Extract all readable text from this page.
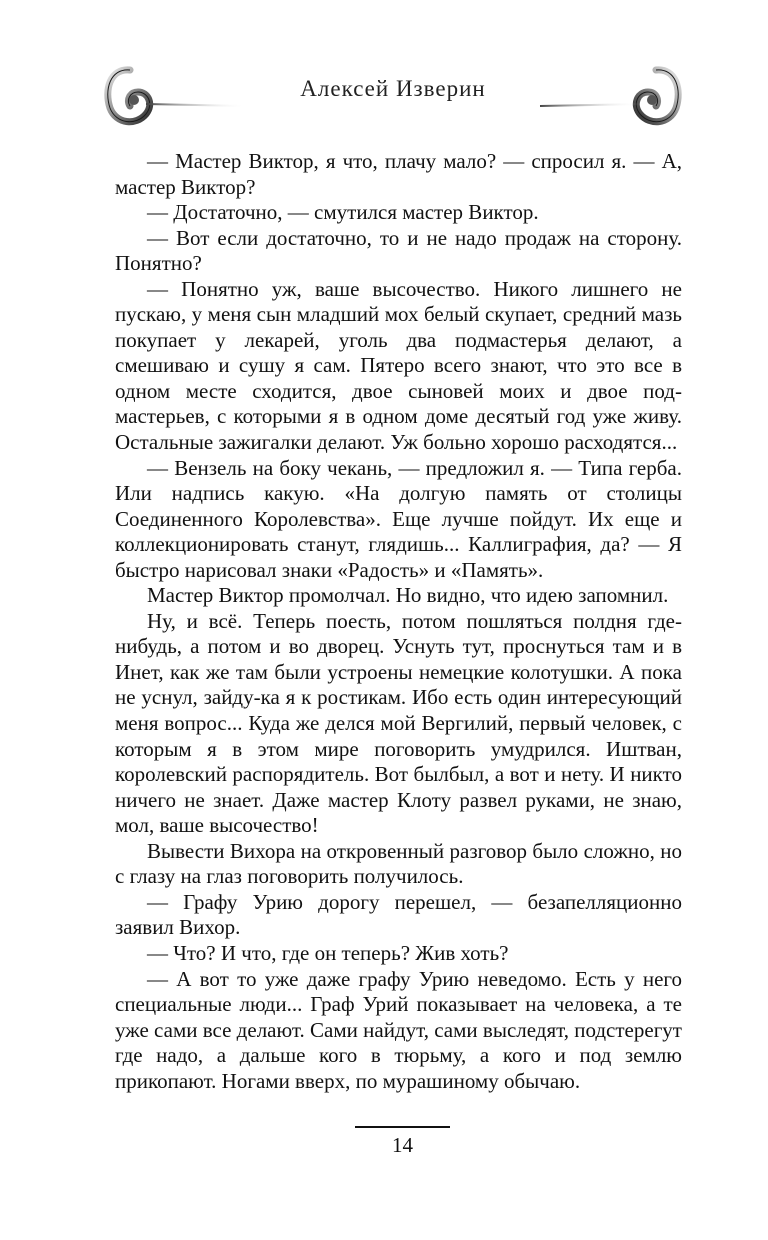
Алексей Изверин

— Мастер Виктор, я что, плачу мало? — спросил я. — А, мастер Виктор?

— Достаточно, — смутился мастер Виктор.

— Вот если достаточно, то и не надо продаж на сторону. Понятно?

— Понятно уж, ваше высочество. Никого лишнего не пускаю, у меня сын младший мох белый скупает, средний мазь покупает у лекарей, уголь два подмастерья делают, а смешиваю и сушу я сам. Пятеро всего знают, что это все в одном месте сходится, двое сыновей моих и двое подмастерьев, с которыми я в одном доме десятый год уже живу. Остальные зажигалки делают. Уж больно хорошо расходятся...

— Вензель на боку чекань, — предложил я. — Типа герба. Или надпись какую. «На долгую память от столицы Соединенного Королевства». Еще лучше пойдут. Их еще и коллекционировать станут, глядишь... Каллиграфия, да? — Я быстро нарисовал знаки «Радость» и «Память».

Мастер Виктор промолчал. Но видно, что идею запомнил.

Ну, и всё. Теперь поесть, потом пошляться полдня гденибудь, а потом и во дворец. Уснуть тут, проснуться там и в Инет, как же там были устроены немецкие колотушки. А пока не уснул, зайду-ка я к ростикам. Ибо есть один интересующий меня вопрос... Куда же делся мой Вергилий, первый человек, с которым я в этом мире поговорить умудрился. Иштван, королевский распорядитель. Вот былбыл, а вот и нету. И никто ничего не знает. Даже мастер Клоту развел руками, не знаю, мол, ваше высочество!

Вывести Вихора на откровенный разговор было сложно, но с глазу на глаз поговорить получилось.

— Графу Урию дорогу перешел, — безапелляционно заявил Вихор.

— Что? И что, где он теперь? Жив хоть?

— А вот то уже даже графу Урию неведомо. Есть у него специальные люди... Граф Урий показывает на человека, а те уже сами все делают. Сами найдут, сами выследят, подстерегут где надо, а дальше кого в тюрьму, а кого и под землю прикопают. Ногами вверх, по мурашиному обычаю.

14
